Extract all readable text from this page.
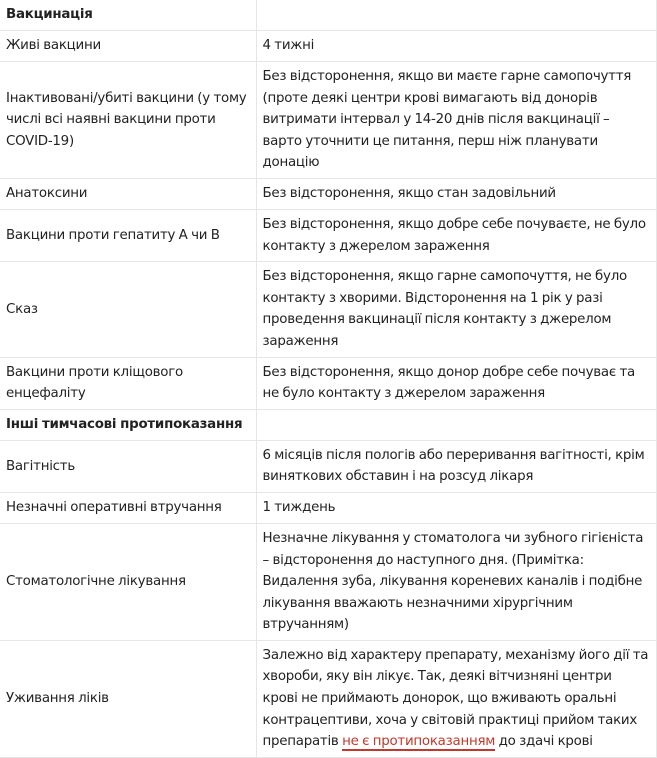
Вакцинація	
Живі вакцини	4 тижні
Інактивовані/убиті вакцини (у тому числі всі наявні вакцини проти COVID-19)	Без відсторонення, якщо ви маєте гарне самопочуття (проте деякі центри крові вимагають від донорів витримати інтервал у 14-20 днів після вакцинації – варто уточнити це питання, перш ніж планувати донацію
Анатоксини	Без відсторонення, якщо стан задовільний
Вакцини проти гепатиту А чи В	Без відсторонення, якщо добре себе почуваєте, не було контакту з джерелом зараження
Сказ	Без відсторонення, якщо гарне самопочуття, не було контакту з хворими. Відсторонення на 1 рік у разі проведення вакцинації після контакту з джерелом зараження
Вакцини проти кліщового енцефаліту	Без відсторонення, якщо донор добре себе почуває та не було контакту з джерелом зараження
Інші тимчасові протипоказання	
Вагітність	6 місяців після пологів або переривання вагітності, крім виняткових обставин і на розсуд лікаря
Незначні оперативні втручання	1 тиждень
Стоматологічне лікування	Незначне лікування у стоматолога чи зубного гігієніста – відсторонення до наступного дня. (Примітка: Видалення зуба, лікування кореневих каналів і подібне лікування вважають незначними хірургічним втручанням)
Уживання ліків	Залежно від характеру препарату, механізму його дії та хвороби, яку він лікує. Так, деякі вітчизняні центри крові не приймають донорок, що вживають оральні контрацептиви, хоча у світовій практиці прийом таких препаратів не є протипоказанням до здачі крові
